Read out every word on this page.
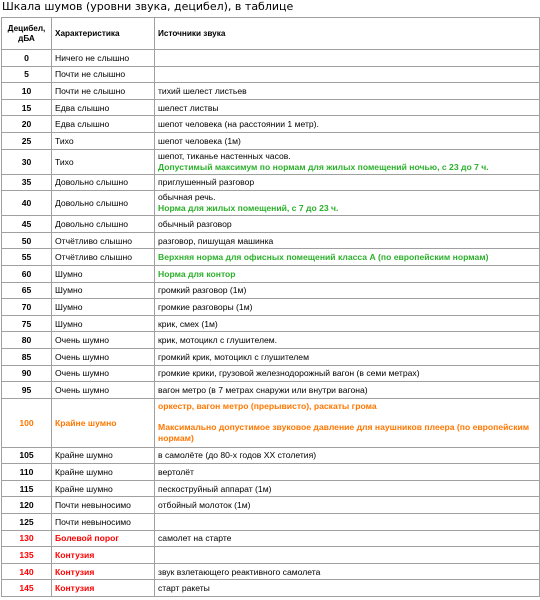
Шкала шумов (уровни звука, децибел), в таблице
Децибел, дБА	Характеристика	Источники звука
0	Ничего не слышно	
5	Почти не слышно	
10	Почти не слышно	тихий шелест листьев
15	Едва слышно	шелест листвы
20	Едва слышно	шепот человека (на расстоянии 1 метр).
25	Тихо	шепот человека (1м)
30	Тихо	шепот, тиканье настенных часов.
Допустимый максимум по нормам для жилых помещений ночью, с 23 до 7 ч.

35	Довольно слышно	приглушенный разговор
40	Довольно слышно	обычная речь.
Норма для жилых помещений, с 7 до 23 ч.

45	Довольно слышно	обычный разговор
50	Отчётливо слышно	разговор, пишущая машинка
55	Отчётливо слышно	Верхняя норма для офисных помещений класса А (по европейским нормам)
60	Шумно	Норма для контор
65	Шумно	громкий разговор (1м)
70	Шумно	громкие разговоры (1м)
75	Шумно	крик, смех (1м)
80	Очень шумно	крик, мотоцикл с глушителем.
85	Очень шумно	громкий крик, мотоцикл с глушителем
90	Очень шумно	громкие крики, грузовой железнодорожный вагон (в семи метрах)
95	Очень шумно	вагон метро (в 7 метрах снаружи или внутри вагона)
100	Крайне шумно	оркестр, вагон метро (прерывисто), раскаты грома
Максимально допустимое звуковое давление для наушников плеера (по европейским нормам)

105	Крайне шумно	в самолёте (до 80-х годов XX столетия)
110	Крайне шумно	вертолёт
115	Крайне шумно	пескоструйный аппарат (1м)
120	Почти невыносимо	отбойный молоток (1м)
125	Почти невыносимо	
130	Болевой порог	самолет на старте
135	Контузия	
140	Контузия	звук взлетающего реактивного самолета
145	Контузия	старт ракеты
